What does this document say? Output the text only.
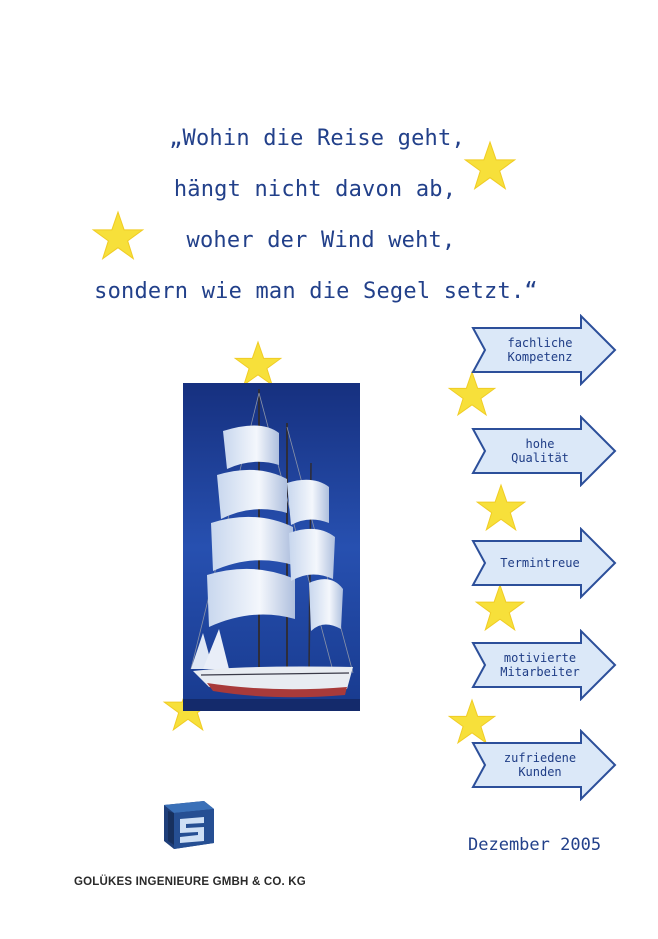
„Wohin die Reise geht,
hängt nicht davon ab,
woher der Wind weht,
sondern wie man die Segel setzt.“
fachliche
Kompetenz
hohe
Qualität
Termintreue
motivierte
Mitarbeiter
zufriedene
Kunden
Dezember 2005
GOLÜKES INGENIEURE GMBH & CO. KG
